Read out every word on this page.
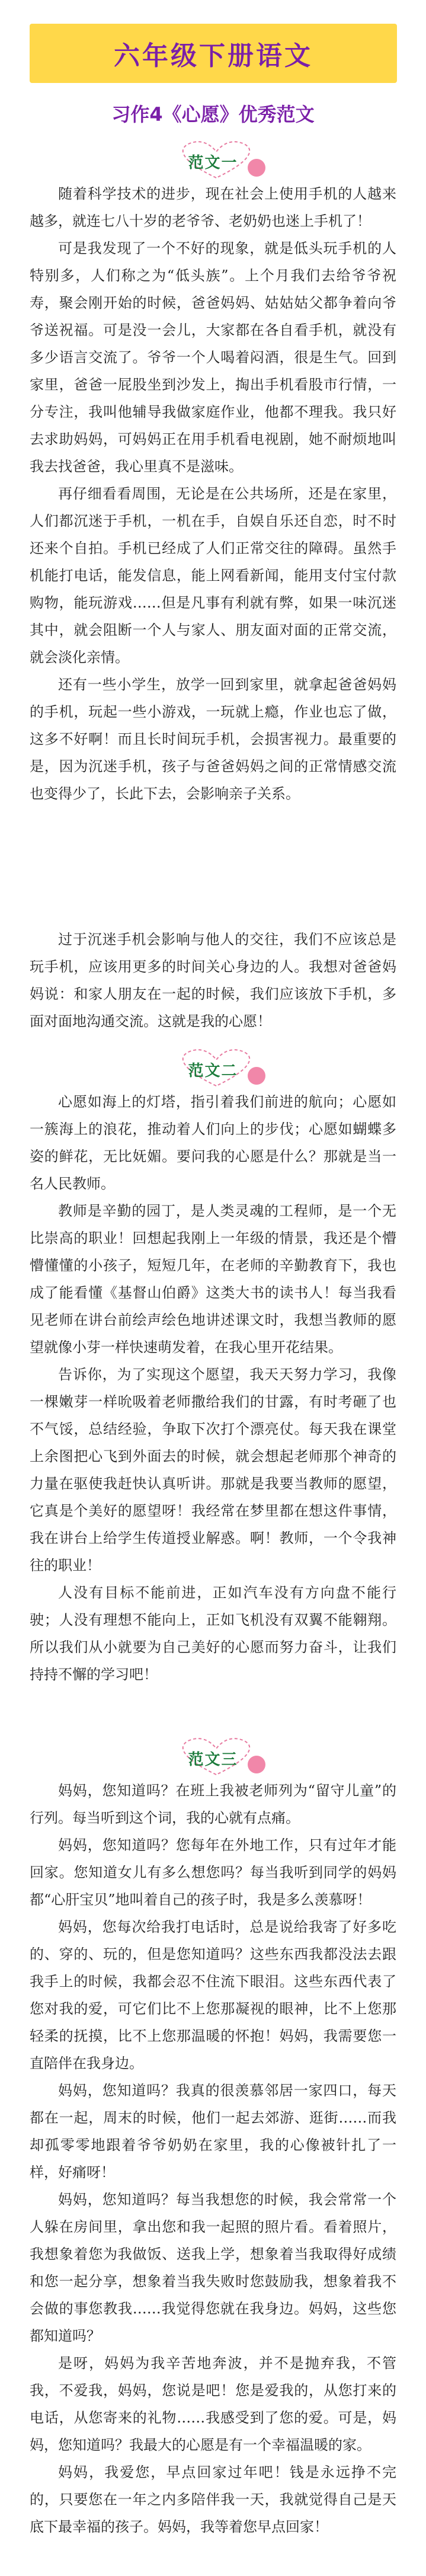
六年级下册语文
习作4《心愿》优秀范文
范文一

随着科学技术的进步，现在社会上使用手机的人越来越多，就连七八十岁的老爷爷、老奶奶也迷上手机了！

可是我发现了一个不好的现象，就是低头玩手机的人特别多，人们称之为“低头族”。上个月我们去给爷爷祝寿，聚会刚开始的时候，爸爸妈妈、姑姑姑父都争着向爷爷送祝福。可是没一会儿，大家都在各自看手机，就没有多少语言交流了。爷爷一个人喝着闷酒，很是生气。回到家里，爸爸一屁股坐到沙发上，掏出手机看股市行情，一分专注，我叫他辅导我做家庭作业，他都不理我。我只好去求助妈妈，可妈妈正在用手机看电视剧，她不耐烦地叫我去找爸爸，我心里真不是滋味。

再仔细看看周围，无论是在公共场所，还是在家里，人们都沉迷于手机，一机在手，自娱自乐还自恋，时不时还来个自拍。手机已经成了人们正常交往的障碍。虽然手机能打电话，能发信息，能上网看新闻，能用支付宝付款购物，能玩游戏……但是凡事有利就有弊，如果一味沉迷其中，就会阻断一个人与家人、朋友面对面的正常交流，就会淡化亲情。

还有一些小学生，放学一回到家里，就拿起爸爸妈妈的手机，玩起一些小游戏，一玩就上瘾，作业也忘了做，这多不好啊！而且长时间玩手机，会损害视力。最重要的是，因为沉迷手机，孩子与爸爸妈妈之间的正常情感交流也变得少了，长此下去，会影响亲子关系。

过于沉迷手机会影响与他人的交往，我们不应该总是玩手机，应该用更多的时间关心身边的人。我想对爸爸妈妈说：和家人朋友在一起的时候，我们应该放下手机，多面对面地沟通交流。这就是我的心愿！

范文二

心愿如海上的灯塔，指引着我们前进的航向；心愿如一簇海上的浪花，推动着人们向上的步伐；心愿如蝴蝶多姿的鲜花，无比妩媚。要问我的心愿是什么？那就是当一名人民教师。

教师是辛勤的园丁，是人类灵魂的工程师，是一个无比崇高的职业！回想起我刚上一年级的情景，我还是个懵懵懂懂的小孩子，短短几年，在老师的辛勤教育下，我也成了能看懂《基督山伯爵》这类大书的读书人！每当我看见老师在讲台前绘声绘色地讲述课文时，我想当教师的愿望就像小芽一样快速萌发着，在我心里开花结果。

告诉你，为了实现这个愿望，我天天努力学习，我像一棵嫩芽一样吮吸着老师撒给我们的甘露，有时考砸了也不气馁，总结经验，争取下次打个漂亮仗。每天我在课堂上余图把心飞到外面去的时候，就会想起老师那个神奇的力量在驱使我赶快认真听讲。那就是我要当教师的愿望，它真是个美好的愿望呀！我经常在梦里都在想这件事情，我在讲台上给学生传道授业解惑。啊！教师，一个令我神往的职业！

人没有目标不能前进，正如汽车没有方向盘不能行驶；人没有理想不能向上，正如飞机没有双翼不能翱翔。所以我们从小就要为自己美好的心愿而努力奋斗，让我们持持不懈的学习吧！

范文三

妈妈，您知道吗？在班上我被老师列为“留守儿童”的行列。每当听到这个词，我的心就有点痛。

妈妈，您知道吗？您每年在外地工作，只有过年才能回家。您知道女儿有多么想您吗？每当我听到同学的妈妈都“心肝宝贝”地叫着自己的孩子时，我是多么羡慕呀！

妈妈，您每次给我打电话时，总是说给我寄了好多吃的、穿的、玩的，但是您知道吗？这些东西我都没法去跟我手上的时候，我都会忍不住流下眼泪。这些东西代表了您对我的爱，可它们比不上您那凝视的眼神，比不上您那轻柔的抚摸，比不上您那温暖的怀抱！妈妈，我需要您一直陪伴在我身边。

妈妈，您知道吗？我真的很羡慕邻居一家四口，每天都在一起，周末的时候，他们一起去郊游、逛街……而我却孤零零地跟着爷爷奶奶在家里，我的心像被针扎了一样，好痛呀！

妈妈，您知道吗？每当我想您的时候，我会常常一个人躲在房间里，拿出您和我一起照的照片看。看着照片，我想象着您为我做饭、送我上学，想象着当我取得好成绩和您一起分享，想象着当我失败时您鼓励我，想象着我不会做的事您教我……我觉得您就在我身边。妈妈，这些您都知道吗？

是呀，妈妈为我辛苦地奔波，并不是抛弃我，不管我，不爱我，妈妈，您说是吧！您是爱我的，从您打来的电话，从您寄来的礼物……我感受到了您的爱。可是，妈妈，您知道吗？我最大的心愿是有一个幸福温暖的家。

妈妈，我爱您，早点回家过年吧！钱是永远挣不完的，只要您在一年之内多陪伴我一天，我就觉得自己是天底下最幸福的孩子。妈妈，我等着您早点回家！
